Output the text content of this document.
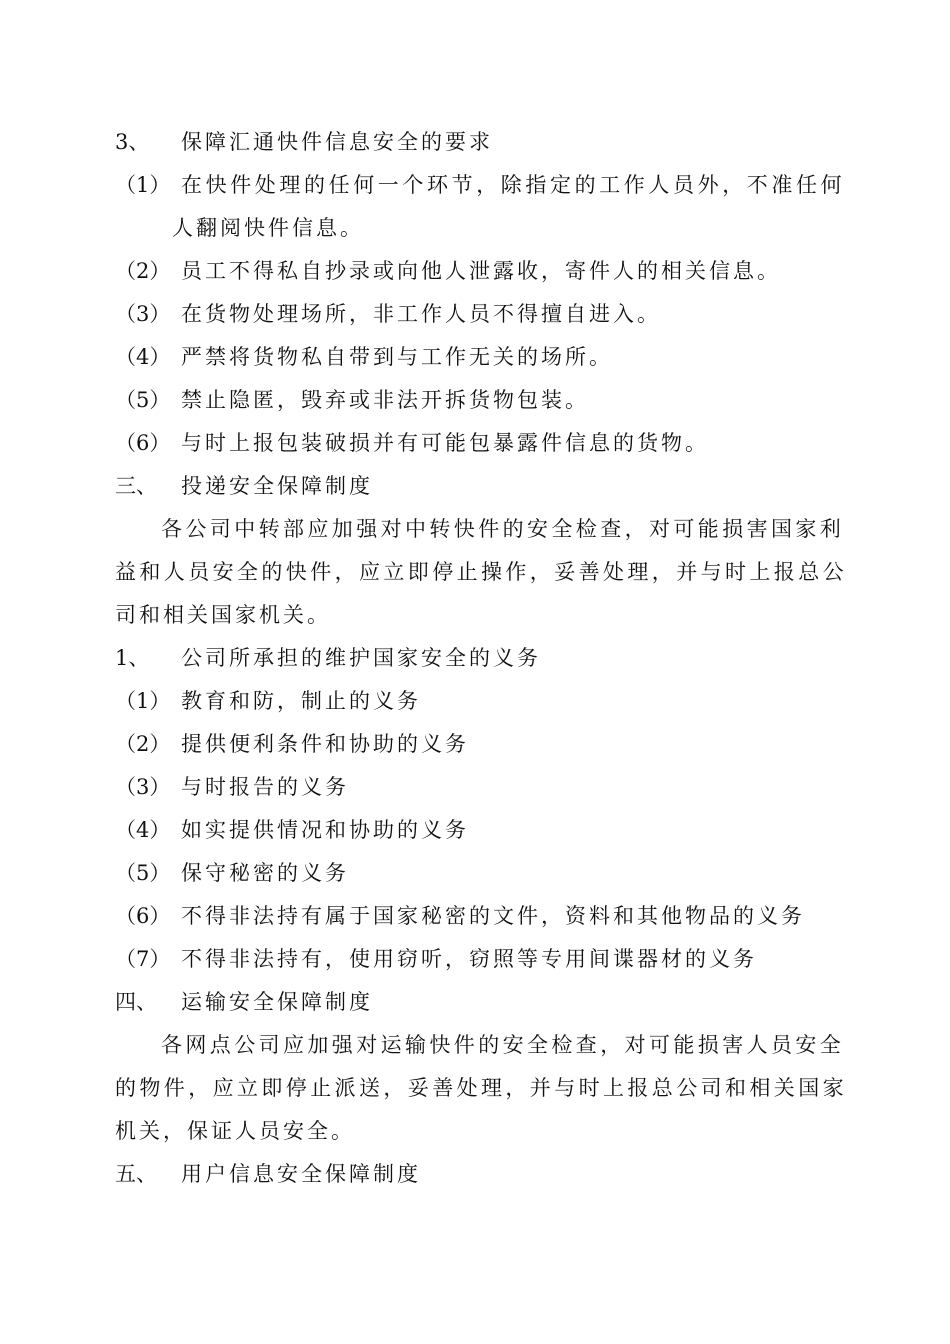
3、 保障汇通快件信息安全的要求
（1） 在快件处理的任何一个环节，除指定的工作人员外，不准任何
人翻阅快件信息。
（2） 员工不得私自抄录或向他人泄露收，寄件人的相关信息。
（3） 在货物处理场所，非工作人员不得擅自进入。
（4） 严禁将货物私自带到与工作无关的场所。
（5） 禁止隐匿，毁弃或非法开拆货物包装。
（6） 与时上报包装破损并有可能包暴露件信息的货物。
三、 投递安全保障制度
各公司中转部应加强对中转快件的安全检查，对可能损害国家利
益和人员安全的快件，应立即停止操作，妥善处理，并与时上报总公
司和相关国家机关。
1、 公司所承担的维护国家安全的义务
（1） 教育和防，制止的义务
（2） 提供便利条件和协助的义务
（3） 与时报告的义务
（4） 如实提供情况和协助的义务
（5） 保守秘密的义务
（6） 不得非法持有属于国家秘密的文件，资料和其他物品的义务
（7） 不得非法持有，使用窃听，窃照等专用间谍器材的义务
四、 运输安全保障制度
各网点公司应加强对运输快件的安全检查，对可能损害人员安全
的物件，应立即停止派送，妥善处理，并与时上报总公司和相关国家
机关，保证人员安全。
五、 用户信息安全保障制度
